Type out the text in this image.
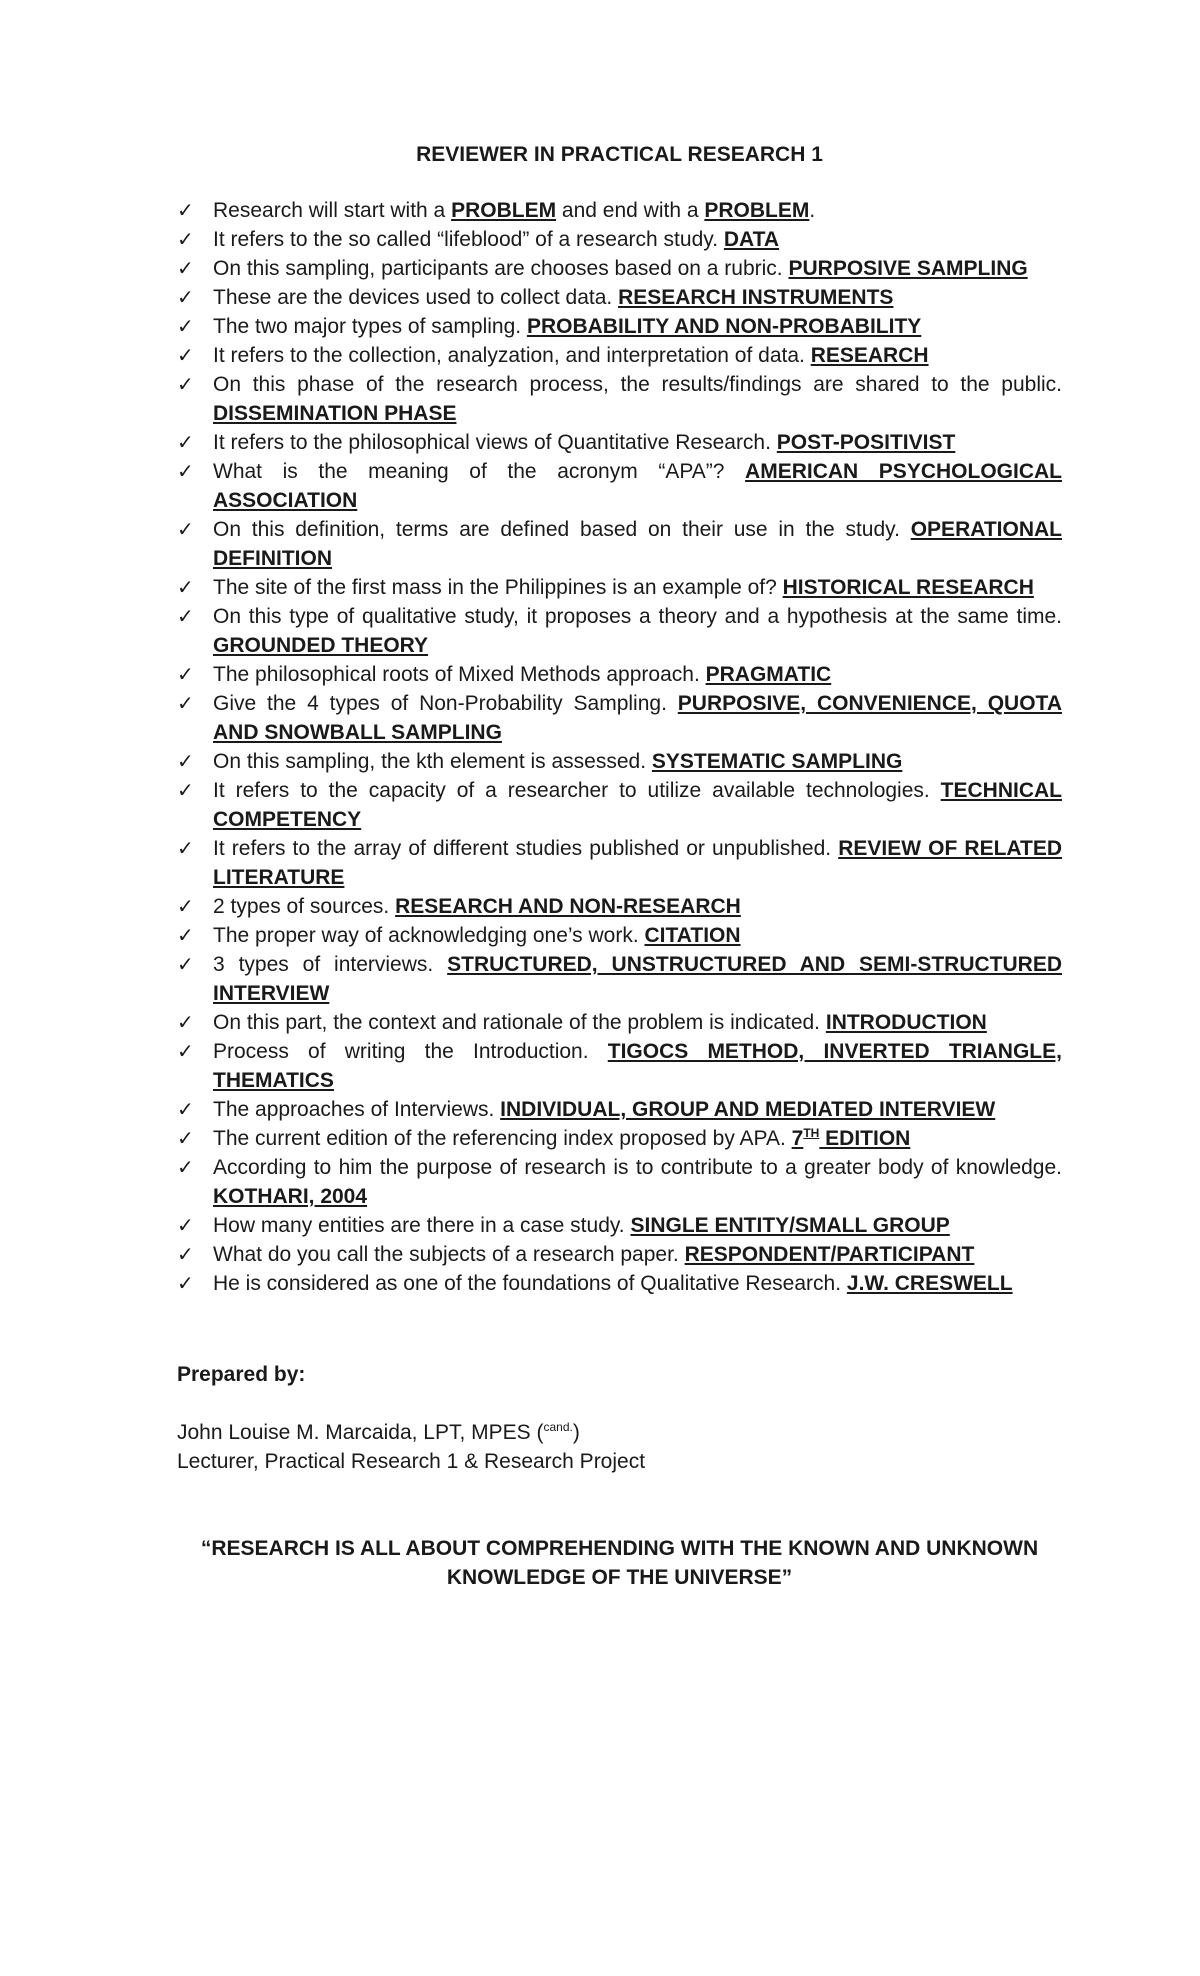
REVIEWER IN PRACTICAL RESEARCH 1
✓ Research will start with a PROBLEM and end with a PROBLEM.
✓ It refers to the so called “lifeblood” of a research study. DATA
✓ On this sampling, participants are chooses based on a rubric. PURPOSIVE SAMPLING
✓ These are the devices used to collect data. RESEARCH INSTRUMENTS
✓ The two major types of sampling. PROBABILITY AND NON-PROBABILITY
✓ It refers to the collection, analyzation, and interpretation of data. RESEARCH
✓ On this phase of the research process, the results/findings are shared to the public. DISSEMINATION PHASE
✓ It refers to the philosophical views of Quantitative Research. POST-POSITIVIST
✓ What is the meaning of the acronym “APA”? AMERICAN PSYCHOLOGICAL ASSOCIATION
✓ On this definition, terms are defined based on their use in the study. OPERATIONAL DEFINITION
✓ The site of the first mass in the Philippines is an example of? HISTORICAL RESEARCH
✓ On this type of qualitative study, it proposes a theory and a hypothesis at the same time. GROUNDED THEORY
✓ The philosophical roots of Mixed Methods approach. PRAGMATIC
✓ Give the 4 types of Non-Probability Sampling. PURPOSIVE, CONVENIENCE, QUOTA AND SNOWBALL SAMPLING
✓ On this sampling, the kth element is assessed. SYSTEMATIC SAMPLING
✓ It refers to the capacity of a researcher to utilize available technologies. TECHNICAL COMPETENCY
✓ It refers to the array of different studies published or unpublished. REVIEW OF RELATED LITERATURE
✓ 2 types of sources. RESEARCH AND NON-RESEARCH
✓ The proper way of acknowledging one’s work. CITATION
✓ 3 types of interviews. STRUCTURED, UNSTRUCTURED AND SEMI-STRUCTURED INTERVIEW
✓ On this part, the context and rationale of the problem is indicated. INTRODUCTION
✓ Process of writing the Introduction. TIGOCS METHOD, INVERTED TRIANGLE, THEMATICS
✓ The approaches of Interviews. INDIVIDUAL, GROUP AND MEDIATED INTERVIEW
✓ The current edition of the referencing index proposed by APA. 7TH EDITION
✓ According to him the purpose of research is to contribute to a greater body of knowledge. KOTHARI, 2004
✓ How many entities are there in a case study. SINGLE ENTITY/SMALL GROUP
✓ What do you call the subjects of a research paper. RESPONDENT/PARTICIPANT
✓ He is considered as one of the foundations of Qualitative Research. J.W. CRESWELL
Prepared by:
John Louise M. Marcaida, LPT, MPES ($^{cand.}$)
Lecturer, Practical Research 1 & Research Project
“RESEARCH IS ALL ABOUT COMPREHENDING WITH THE KNOWN AND UNKNOWN KNOWLEDGE OF THE UNIVERSE”
